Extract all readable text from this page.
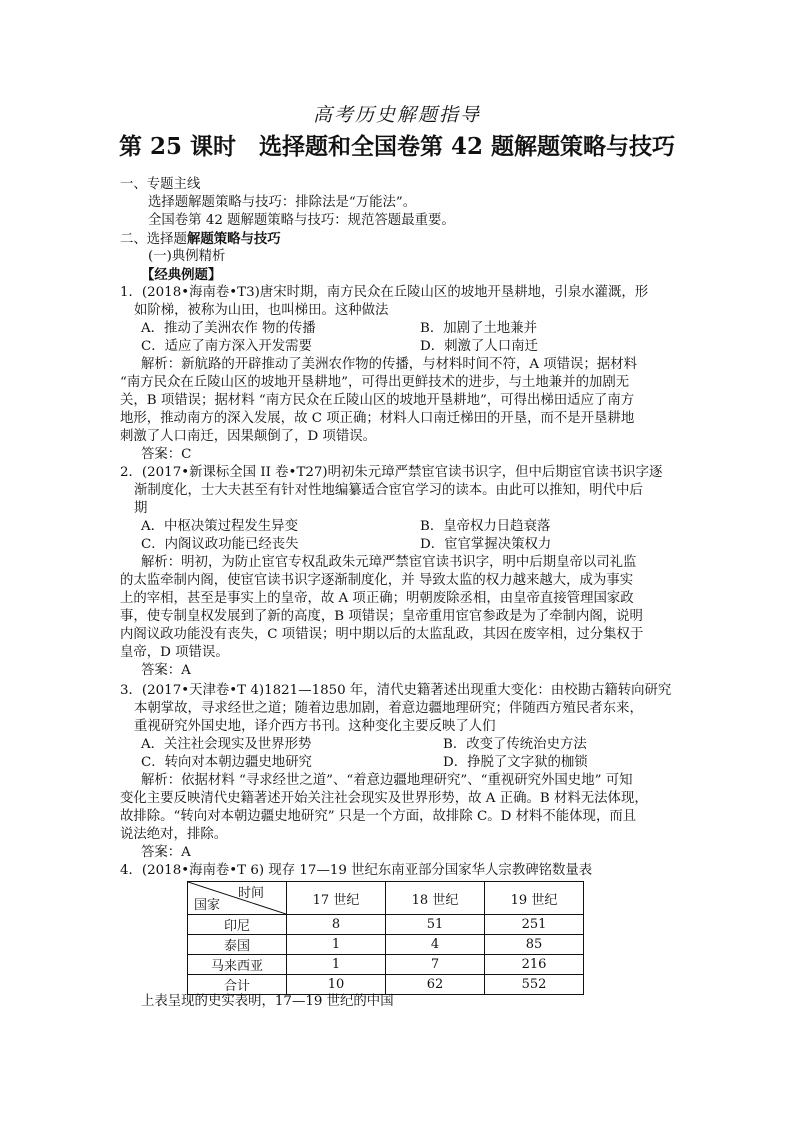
高考历史解题指导
第 25 课时　选择题和全国卷第 42 题解题策略与技巧
一、专题主线
选择题解题策略与技巧：排除法是“万能法”。
全国卷第 42 题解题策略与技巧：规范答题最重要。
二、选择题解题策略与技巧
(一)典例精析
【经典例题】
1．(2018•海南卷•T3)唐宋时期，南方民众在丘陵山区的坡地开垦耕地，引泉水灌溉，形
如阶梯，被称为山田，也叫梯田。这种做法
A．推动了美洲农作 物的传播	B．加剧了土地兼并
C．适应了南方深入开发需要	D．刺激了人口南迁
解析：新航路的开辟推动了美洲农作物的传播，与材料时间不符，A 项错误；据材料
“南方民众在丘陵山区的坡地开垦耕地”，可得出更鲜技术的进步，与土地兼并的加剧无
关，B 项错误；据材料 “南方民众在丘陵山区的坡地开垦耕地”，可得出梯田适应了南方
地形，推动南方的深入发展，故 C 项正确；材料人口南迁梯田的开垦，而不是开垦耕地
刺激了人口南迁，因果颠倒了，D 项错误。
答案：C
2．(2017•新课标全国 II 卷•T27)明初朱元璋严禁宦官读书识字，但中后期宦官读书识字逐
渐制度化，士大夫甚至有针对性地编纂适合宦官学习的读本。由此可以推知，明代中后
期
A．中枢决策过程发生异变	B．皇帝权力日趋衰落
C．内阁议政功能已经丧失	D．宦官掌握决策权力
解析：明初，为防止宦官专权乱政朱元璋严禁宦官读书识字，明中后期皇帝以司礼监
的太监牵制内阁，使宦官读书识字逐渐制度化，并 导致太监的权力越来越大，成为事实
上的宰相，甚至是事实上的皇帝，故 A 项正确；明朝废除丞相，由皇帝直接管理国家政
事，使专制皇权发展到了新的高度，B 项错误；皇帝重用宦官参政是为了牵制内阁，说明
内阁议政功能没有丧失，C 项错误；明中期以后的太监乱政，其因在废宰相，过分集权于
皇帝，D 项错误。
答案：A
3．(2017•天津卷•T 4)1821—1850 年，清代史籍著述出现重大变化：由校勘古籍转向研究
本朝掌故，寻求经世之道；随着边患加剧，着意边疆地理研究；伴随西方殖民者东来，
重视研究外国史地，译介西方书刊。这种变化主要反映了人们
A．关注社会现实及世界形势	B．改变了传统治史方法
C．转向对本朝边疆史地研究	D．挣脱了文字狱的枷锁
解析：依据材料 “寻求经世之道”、“着意边疆地理研究”、“重视研究外国史地” 可知
变化主要反映清代史籍著述开始关注社会现实及世界形势，故 A 正确。B 材料无法体现，
故排除。“转向对本朝边疆史地研究” 只是一个方面，故排除 C。D 材料不能体现，而且
说法绝对，排除。
答案：A
4．(2018•海南卷•T 6) 现存 17—19 世纪东南亚部分国家华人宗教碑铭数量表
时间
国家	17 世纪	18 世纪	19 世纪
印尼	8	51	251
泰国	1	4	85
马来西亚	1	7	216
合计	10	62	552
上表呈现的史实表明，17—19 世纪的中国
